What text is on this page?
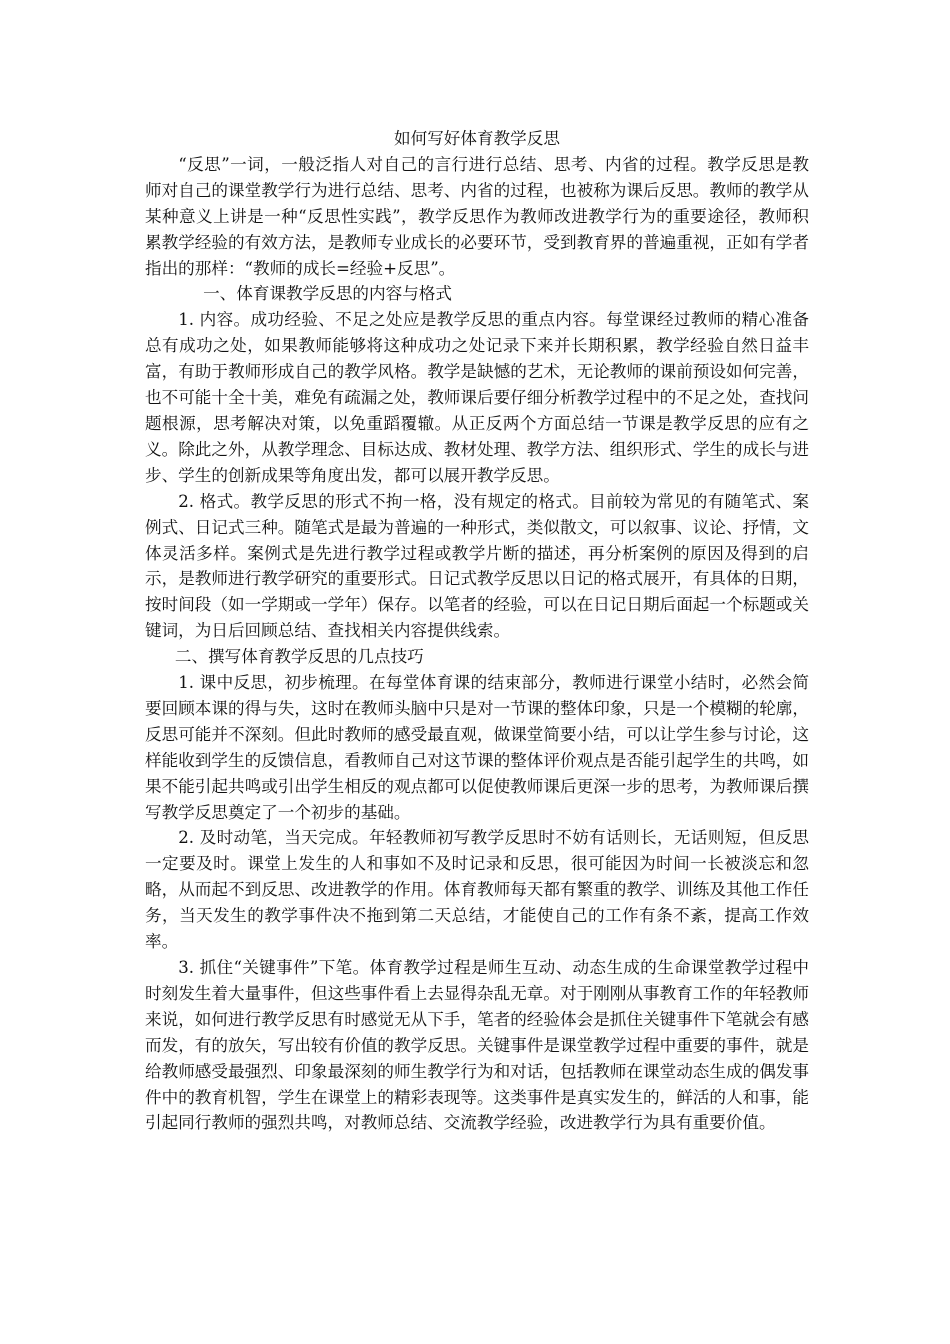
如何写好体育教学反思

“反思”一词，一般泛指人对自己的言行进行总结、思考、内省的过程。教学反思是教师对自己的课堂教学行为进行总结、思考、内省的过程，也被称为课后反思。教师的教学从某种意义上讲是一种“反思性实践”，教学反思作为教师改进教学行为的重要途径，教师积累教学经验的有效方法，是教师专业成长的必要环节，受到教育界的普遍重视，正如有学者指出的那样：“教师的成长=经验+反思”。

一、体育课教学反思的内容与格式

1. 内容。成功经验、不足之处应是教学反思的重点内容。每堂课经过教师的精心准备总有成功之处，如果教师能够将这种成功之处记录下来并长期积累，教学经验自然日益丰富，有助于教师形成自己的教学风格。教学是缺憾的艺术，无论教师的课前预设如何完善，也不可能十全十美，难免有疏漏之处，教师课后要仔细分析教学过程中的不足之处，查找问题根源，思考解决对策，以免重蹈覆辙。从正反两个方面总结一节课是教学反思的应有之义。除此之外，从教学理念、目标达成、教材处理、教学方法、组织形式、学生的成长与进步、学生的创新成果等角度出发，都可以展开教学反思。

2. 格式。教学反思的形式不拘一格，没有规定的格式。目前较为常见的有随笔式、案例式、日记式三种。随笔式是最为普遍的一种形式，类似散文，可以叙事、议论、抒情，文体灵活多样。案例式是先进行教学过程或教学片断的描述，再分析案例的原因及得到的启示，是教师进行教学研究的重要形式。日记式教学反思以日记的格式展开，有具体的日期，按时间段（如一学期或一学年）保存。以笔者的经验，可以在日记日期后面起一个标题或关键词，为日后回顾总结、查找相关内容提供线索。

二、撰写体育教学反思的几点技巧

1. 课中反思，初步梳理。在每堂体育课的结束部分，教师进行课堂小结时，必然会简要回顾本课的得与失，这时在教师头脑中只是对一节课的整体印象，只是一个模糊的轮廓，反思可能并不深刻。但此时教师的感受最直观，做课堂简要小结，可以让学生参与讨论，这样能收到学生的反馈信息，看教师自己对这节课的整体评价观点是否能引起学生的共鸣，如果不能引起共鸣或引出学生相反的观点都可以促使教师课后更深一步的思考，为教师课后撰写教学反思奠定了一个初步的基础。

2. 及时动笔，当天完成。年轻教师初写教学反思时不妨有话则长，无话则短，但反思一定要及时。课堂上发生的人和事如不及时记录和反思，很可能因为时间一长被淡忘和忽略，从而起不到反思、改进教学的作用。体育教师每天都有繁重的教学、训练及其他工作任务，当天发生的教学事件决不拖到第二天总结，才能使自己的工作有条不紊，提高工作效率。

3. 抓住“关键事件”下笔。体育教学过程是师生互动、动态生成的生命课堂教学过程中时刻发生着大量事件，但这些事件看上去显得杂乱无章。对于刚刚从事教育工作的年轻教师来说，如何进行教学反思有时感觉无从下手，笔者的经验体会是抓住关键事件下笔就会有感而发，有的放矢，写出较有价值的教学反思。关键事件是课堂教学过程中重要的事件，就是给教师感受最强烈、印象最深刻的师生教学行为和对话，包括教师在课堂动态生成的偶发事件中的教育机智，学生在课堂上的精彩表现等。这类事件是真实发生的，鲜活的人和事，能引起同行教师的强烈共鸣，对教师总结、交流教学经验，改进教学行为具有重要价值。
